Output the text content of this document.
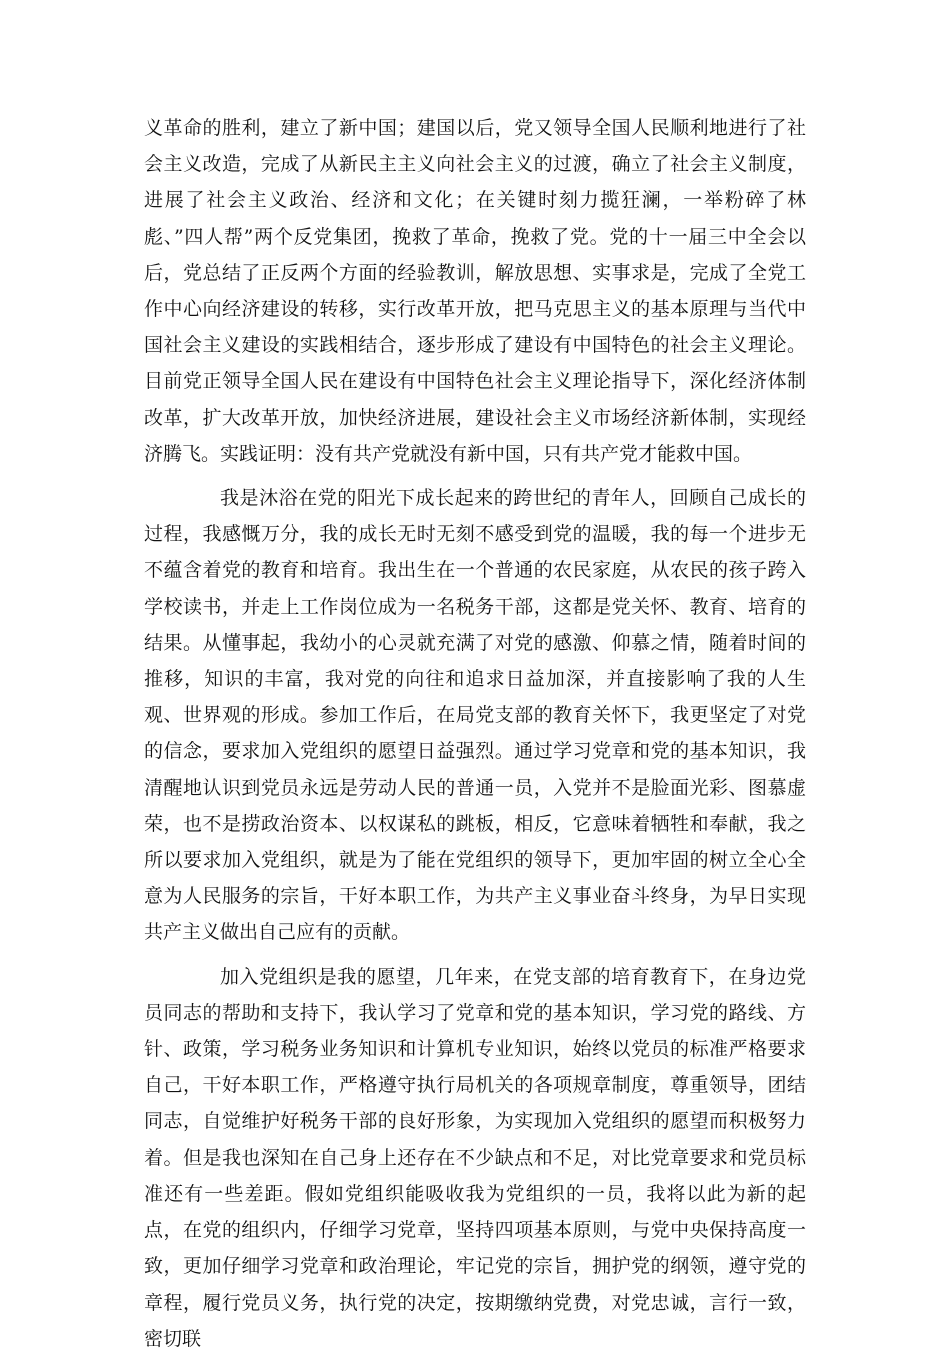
义革命的胜利，建立了新中国；建国以后，党又领导全国人民顺利地进行了社会主义改造，完成了从新民主主义向社会主义的过渡，确立了社会主义制度，进展了社会主义政治、经济和文化；在关键时刻力揽狂澜，一举粉碎了林彪、”四人帮”两个反党集团，挽救了革命，挽救了党。党的十一届三中全会以后，党总结了正反两个方面的经验教训，解放思想、实事求是，完成了全党工作中心向经济建设的转移，实行改革开放，把马克思主义的基本原理与当代中国社会主义建设的实践相结合，逐步形成了建设有中国特色的社会主义理论。目前党正领导全国人民在建设有中国特色社会主义理论指导下，深化经济体制改革，扩大改革开放，加快经济进展，建设社会主义市场经济新体制，实现经济腾飞。实践证明：没有共产党就没有新中国，只有共产党才能救中国。

我是沐浴在党的阳光下成长起来的跨世纪的青年人，回顾自己成长的过程，我感慨万分，我的成长无时无刻不感受到党的温暖，我的每一个进步无不蕴含着党的教育和培育。我出生在一个普通的农民家庭，从农民的孩子跨入学校读书，并走上工作岗位成为一名税务干部，这都是党关怀、教育、培育的结果。从懂事起，我幼小的心灵就充满了对党的感激、仰慕之情，随着时间的推移，知识的丰富，我对党的向往和追求日益加深，并直接影响了我的人生观、世界观的形成。参加工作后，在局党支部的教育关怀下，我更坚定了对党的信念，要求加入党组织的愿望日益强烈。通过学习党章和党的基本知识，我清醒地认识到党员永远是劳动人民的普通一员，入党并不是脸面光彩、图慕虚荣，也不是捞政治资本、以权谋私的跳板，相反，它意味着牺牲和奉献，我之所以要求加入党组织，就是为了能在党组织的领导下，更加牢固的树立全心全意为人民服务的宗旨，干好本职工作，为共产主义事业奋斗终身，为早日实现共产主义做出自己应有的贡献。

加入党组织是我的愿望，几年来，在党支部的培育教育下，在身边党员同志的帮助和支持下，我认学习了党章和党的基本知识，学习党的路线、方针、政策，学习税务业务知识和计算机专业知识，始终以党员的标准严格要求自己，干好本职工作，严格遵守执行局机关的各项规章制度，尊重领导，团结同志，自觉维护好税务干部的良好形象，为实现加入党组织的愿望而积极努力着。但是我也深知在自己身上还存在不少缺点和不足，对比党章要求和党员标准还有一些差距。假如党组织能吸收我为党组织的一员，我将以此为新的起点，在党的组织内，仔细学习党章，坚持四项基本原则，与党中央保持高度一致，更加仔细学习党章和政治理论，牢记党的宗旨，拥护党的纲领，遵守党的章程，履行党员义务，执行党的决定，按期缴纳党费，对党忠诚，言行一致，密切联
